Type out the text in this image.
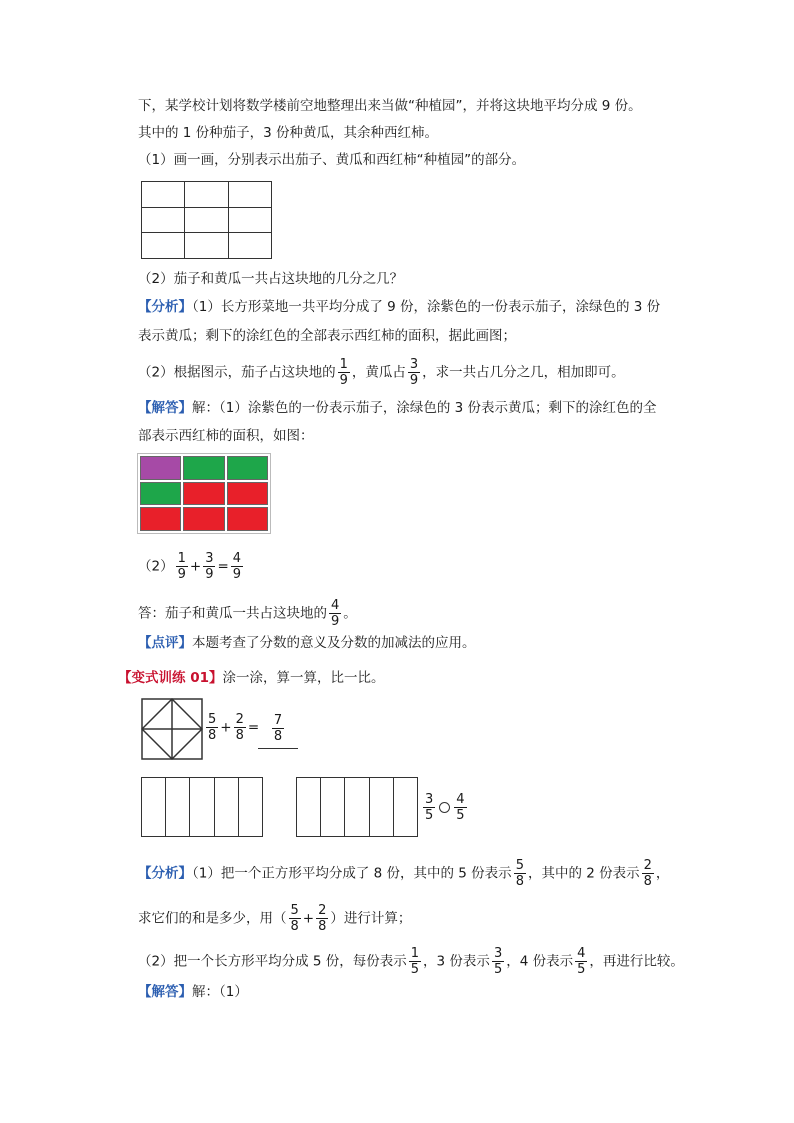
下，某学校计划将数学楼前空地整理出来当做“种植园”，并将这块地平均分成 9 份。
其中的 1 份种茄子，3 份种黄瓜，其余种西红柿。
（1）画一画，分别表示出茄子、黄瓜和西红柿“种植园”的部分。

（2）茄子和黄瓜一共占这块地的几分之几？
【分析】（1）长方形菜地一共平均分成了 9 份，涂紫色的一份表示茄子，涂绿色的 3 份
表示黄瓜；剩下的涂红色的全部表示西红柿的面积，据此画图；
（2）根据图示，茄子占这块地的 $\frac{1}{9}$ ，黄瓜占 $\frac{3}{9}$ ，求一共占几分之几，相加即可。
【解答】解：（1）涂紫色的一份表示茄子，涂绿色的 3 份表示黄瓜；剩下的涂红色的全
部表示西红柿的面积，如图：

$(2) \frac{1}{9} + \frac{3}{9} = \frac{4}{9}$
答：茄子和黄瓜一共占这块地的 $\frac{4}{9}$ 。
【点评】本题考查了分数的意义及分数的加减法的应用。
【变式训练 01】涂一涂，算一算，比一比。
$\frac{5}{8} + \frac{2}{8} = \frac{7}{8}$
$\frac{3}{5} \frac{4}{5}$
【分析】（1）把一个正方形平均分成了 8 份，其中的 5 份表示 $\frac{5}{8}$ ，其中的 2 份表示 $\frac{2}{8}$ ，
求它们的和是多少，用（ $\frac{5}{8} + \frac{2}{8}$ ）进行计算；
（2）把一个长方形平均分成 5 份，每份表示 $\frac{1}{5}$ ，3 份表示 $\frac{3}{5}$ ，4 份表示 $\frac{4}{5}$ ，再进行比较。
【解答】解：（1）
